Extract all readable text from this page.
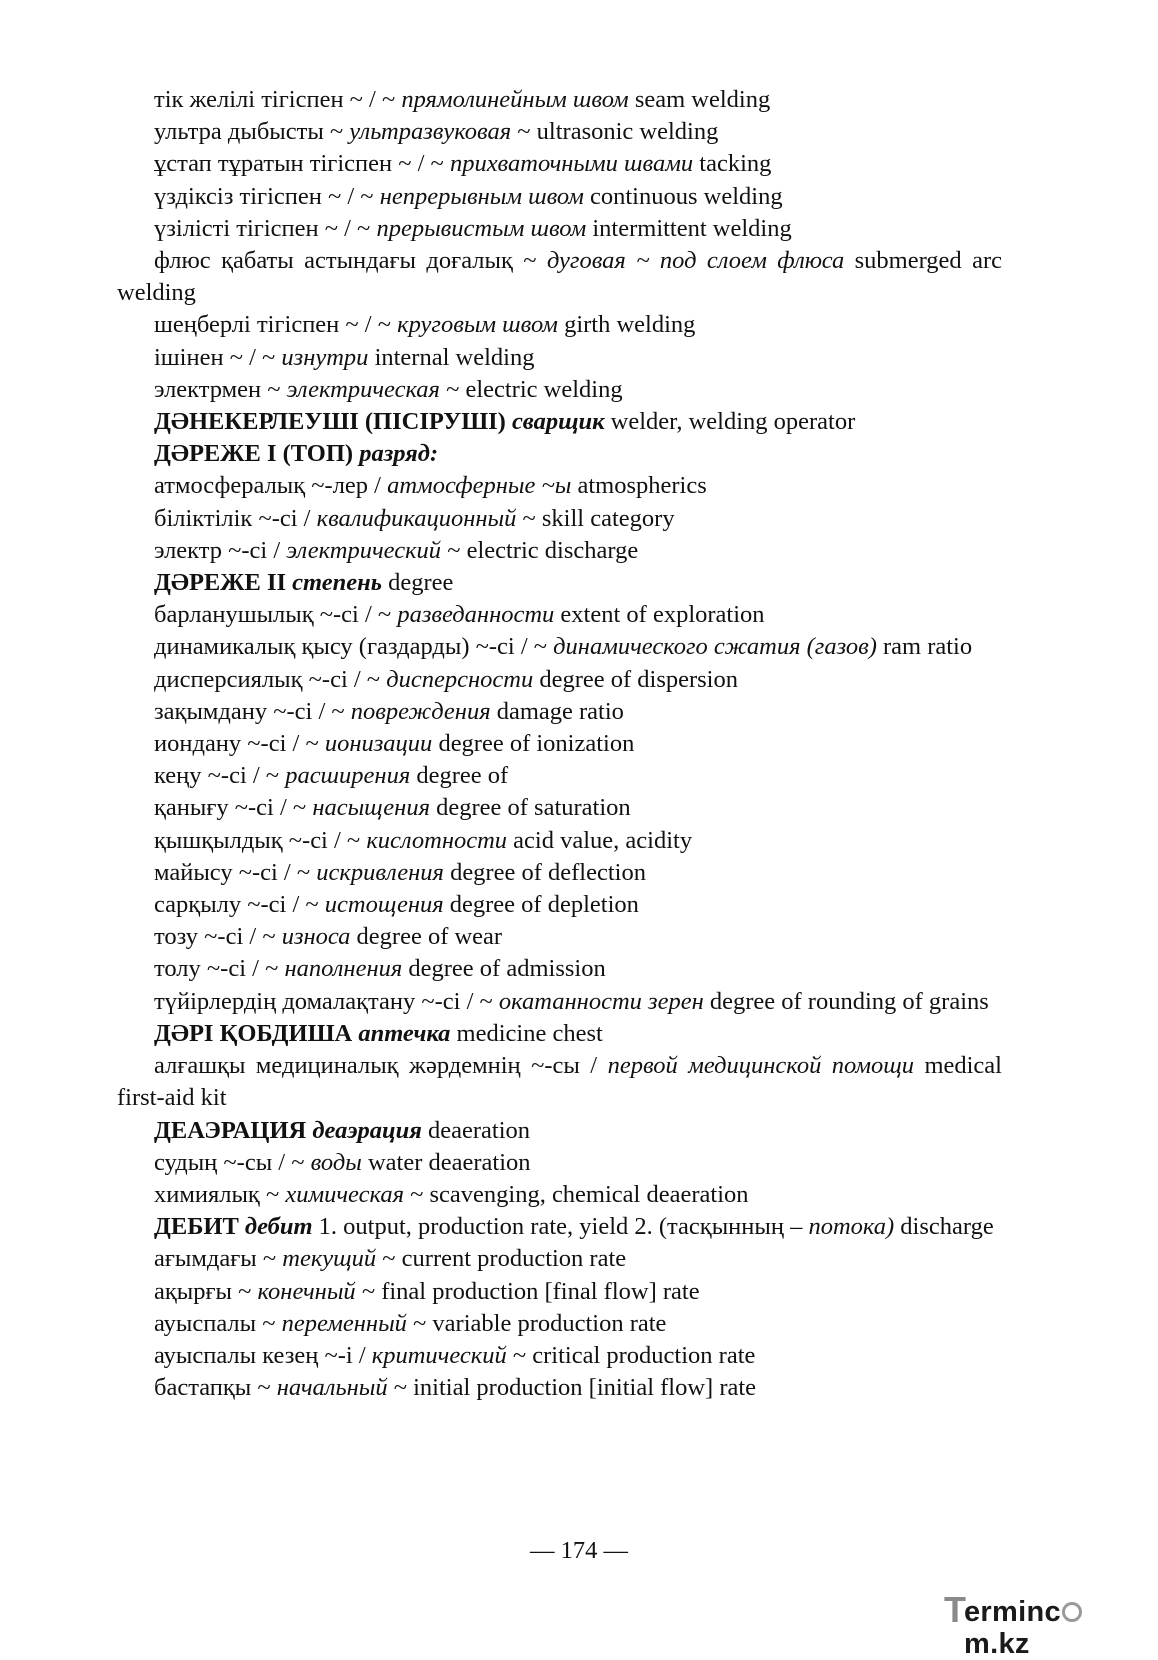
тік желілі тігіспен ~ / ~ прямолинейным швом seam welding

ультра дыбысты ~ ультразвуковая ~ ultrasonic welding

ұстап тұратын тігіспен ~ / ~ прихваточными швами tacking

үздіксіз тігіспен ~ / ~ непрерывным швом continuous welding

үзілісті тігіспен ~ / ~ прерывистым швом intermittent welding

флюс қабаты астындағы доғалық ~ дуговая ~ под слоем флюса submerged arc welding

шеңберлі тігіспен ~ / ~ круговым швом girth welding

ішінен ~ / ~ изнутри internal welding

электрмен ~ электрическая ~ electric welding

ДӘНЕКЕРЛЕУШІ (ПІСІРУШІ) сварщик welder, welding operator

ДӘРЕЖЕ I (ТОП) разряд:

атмосфералық ~-лер / атмосферные ~ы atmospherics

біліктілік ~-сі / квалификационный ~ skill category

электр ~-сі / электрический ~ electric discharge

ДӘРЕЖЕ II степень degree

барланушылық ~-сі / ~ разведанности extent of exploration

динамикалық қысу (газдарды) ~-сі / ~ динамического сжатия (газов) ram ratio

дисперсиялық ~-сі / ~ дисперсности degree of dispersion

зақымдану ~-сі / ~ повреждения damage ratio

иондану ~-сі / ~ ионизации degree of ionization

кеңу ~-сі / ~ расширения degree of

қанығу ~-сі / ~ насыщения degree of saturation

қышқылдық ~-сі / ~ кислотности acid value, acidity

майысу ~-сі / ~ искривления degree of deflection

сарқылу ~-сі / ~ истощения degree of depletion

тозу ~-сі / ~ износа degree of wear

толу ~-сі / ~ наполнения degree of admission

түйірлердің домалақтану ~-сі / ~ окатанности зерен degree of rounding of grains

ДӘРІ ҚОБДИША аптечка medicine chest

алғашқы медициналық жәрдемнің ~-сы / первой медицинской помощи medical first-aid kit

ДЕАЭРАЦИЯ деаэрация deaeration

судың ~-сы / ~ воды water deaeration

химиялық ~ химическая ~ scavenging, chemical deaeration

ДЕБИТ дебит 1. output, production rate, yield 2. (тасқынның – потока) discharge

ағымдағы ~ текущий ~ current production rate

ақырғы ~ конечный ~ final production [final flow] rate

ауыспалы ~ переменный ~ variable production rate

ауыспалы кезең ~-і / критический ~ critical production rate

бастапқы ~ начальный ~ initial production [initial flow] rate

— 174 —
T
ermincm.kz
